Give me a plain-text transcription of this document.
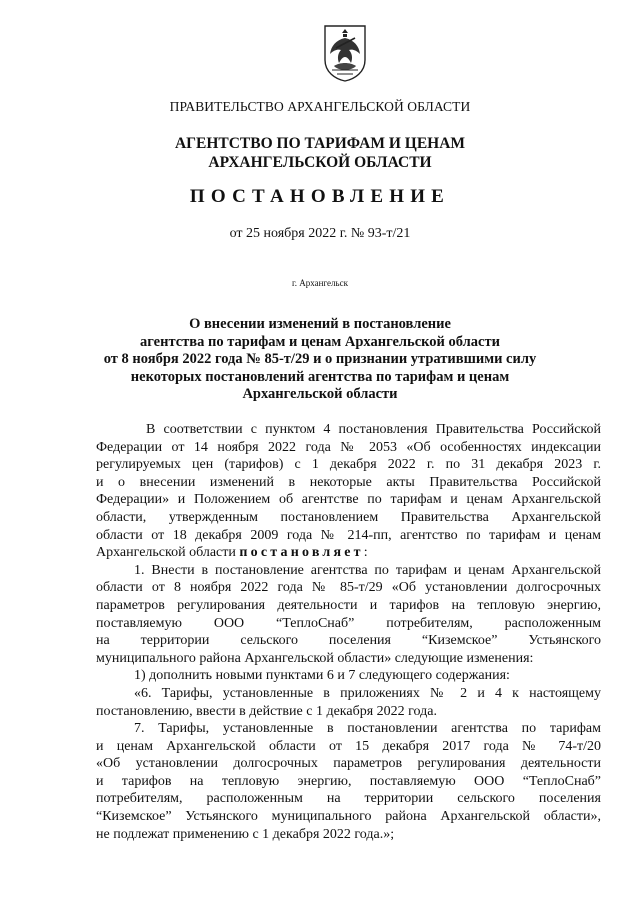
ПРАВИТЕЛЬСТВО АРХАНГЕЛЬСКОЙ ОБЛАСТИ
АГЕНТСТВО ПО ТАРИФАМ И ЦЕНАМ
АРХАНГЕЛЬСКОЙ ОБЛАСТИ
ПОСТАНОВЛЕНИЕ
от 25 ноября 2022 г. № 93-т/21
г. Архангельск
О внесении изменений в постановление
агентства по тарифам и ценам Архангельской области
от 8 ноября 2022 года № 85-т/29 и о признании утратившими силу
некоторых постановлений агентства по тарифам и ценам
Архангельской области
В соответствии с пунктом 4 постановления Правительства Российской
Федерации от 14 ноября 2022 года № 2053 «Об особенностях индексации
регулируемых цен (тарифов) с 1 декабря 2022 г. по 31 декабря 2023 г.
и о внесении изменений в некоторые акты Правительства Российской
Федерации» и Положением об агентстве по тарифам и ценам Архангельской
области, утвержденным постановлением Правительства Архангельской
области от 18 декабря 2009 года № 214-пп, агентство по тарифам и ценам
Архангельской области постановляет:
1. Внести в постановление агентства по тарифам и ценам Архангельской
области от 8 ноября 2022 года № 85-т/29 «Об установлении долгосрочных
параметров регулирования деятельности и тарифов на тепловую энергию,
поставляемую ООО “ТеплоСнаб” потребителям, расположенным
на территории сельского поселения “Киземское” Устьянского
муниципального района Архангельской области» следующие изменения:
1) дополнить новыми пунктами 6 и 7 следующего содержания:
«6. Тарифы, установленные в приложениях № 2 и 4 к настоящему
постановлению, ввести в действие с 1 декабря 2022 года.
7. Тарифы, установленные в постановлении агентства по тарифам
и ценам Архангельской области от 15 декабря 2017 года № 74-т/20
«Об установлении долгосрочных параметров регулирования деятельности
и тарифов на тепловую энергию, поставляемую ООО “ТеплоСнаб”
потребителям, расположенным на территории сельского поселения
“Киземское” Устьянского муниципального района Архангельской области»,
не подлежат применению с 1 декабря 2022 года.»;
